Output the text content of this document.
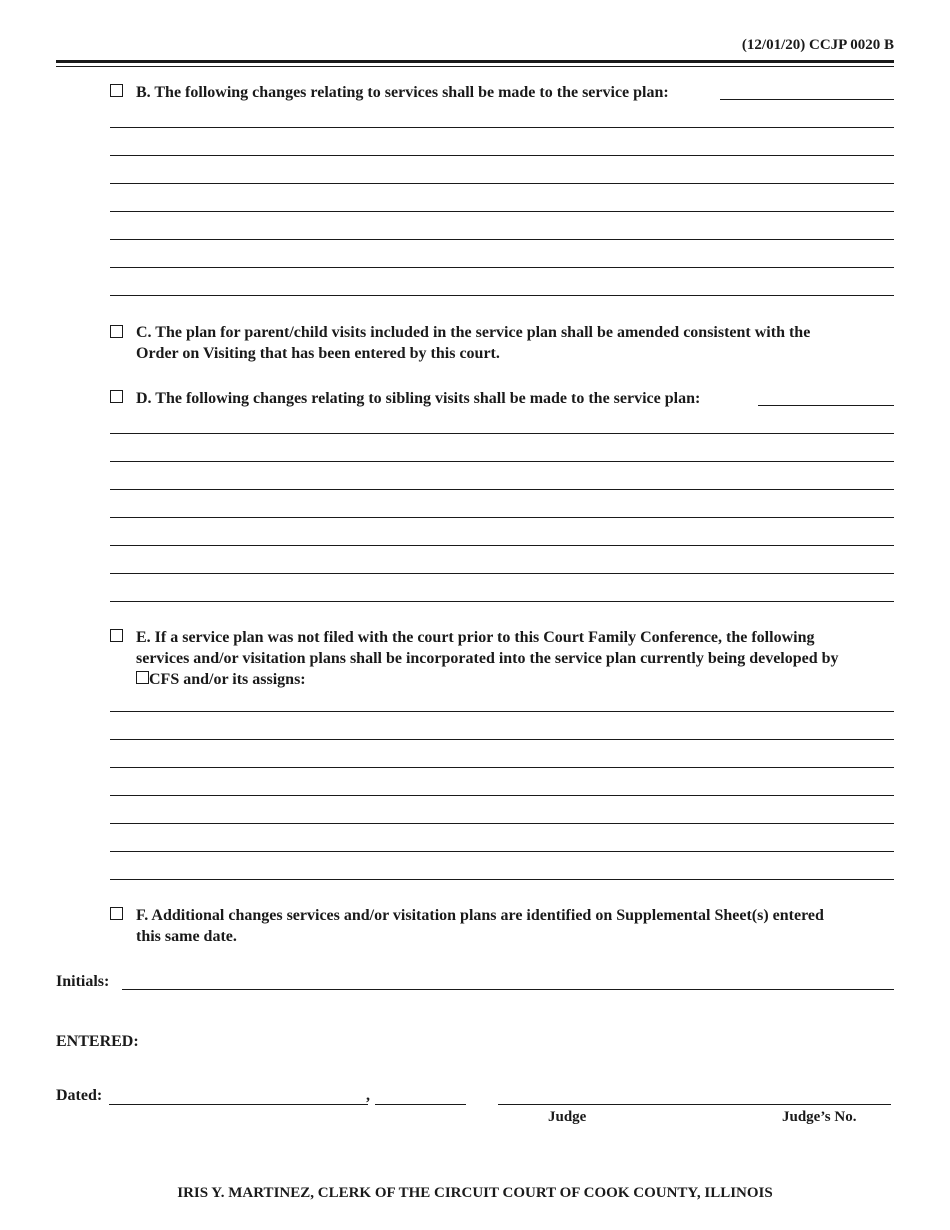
(12/01/20) CCJP 0020 B
B. The following changes relating to services shall be made to the service plan:
C. The plan for parent/child visits included in the service plan shall be amended consistent with the
Order on Visiting that has been entered by this court.
D. The following changes relating to sibling visits shall be made to the service plan:
E. If a service plan was not filed with the court prior to this Court Family Conference, the following
services and/or visitation plans shall be incorporated into the service plan currently being developed by
CFS and/or its assigns:
F. Additional changes services and/or visitation plans are identified on Supplemental Sheet(s) entered
this same date.
Initials:
ENTERED:
Dated:	,
Judge	Judge’s No.
IRIS Y. MARTINEZ, CLERK OF THE CIRCUIT COURT OF COOK COUNTY, ILLINOIS
